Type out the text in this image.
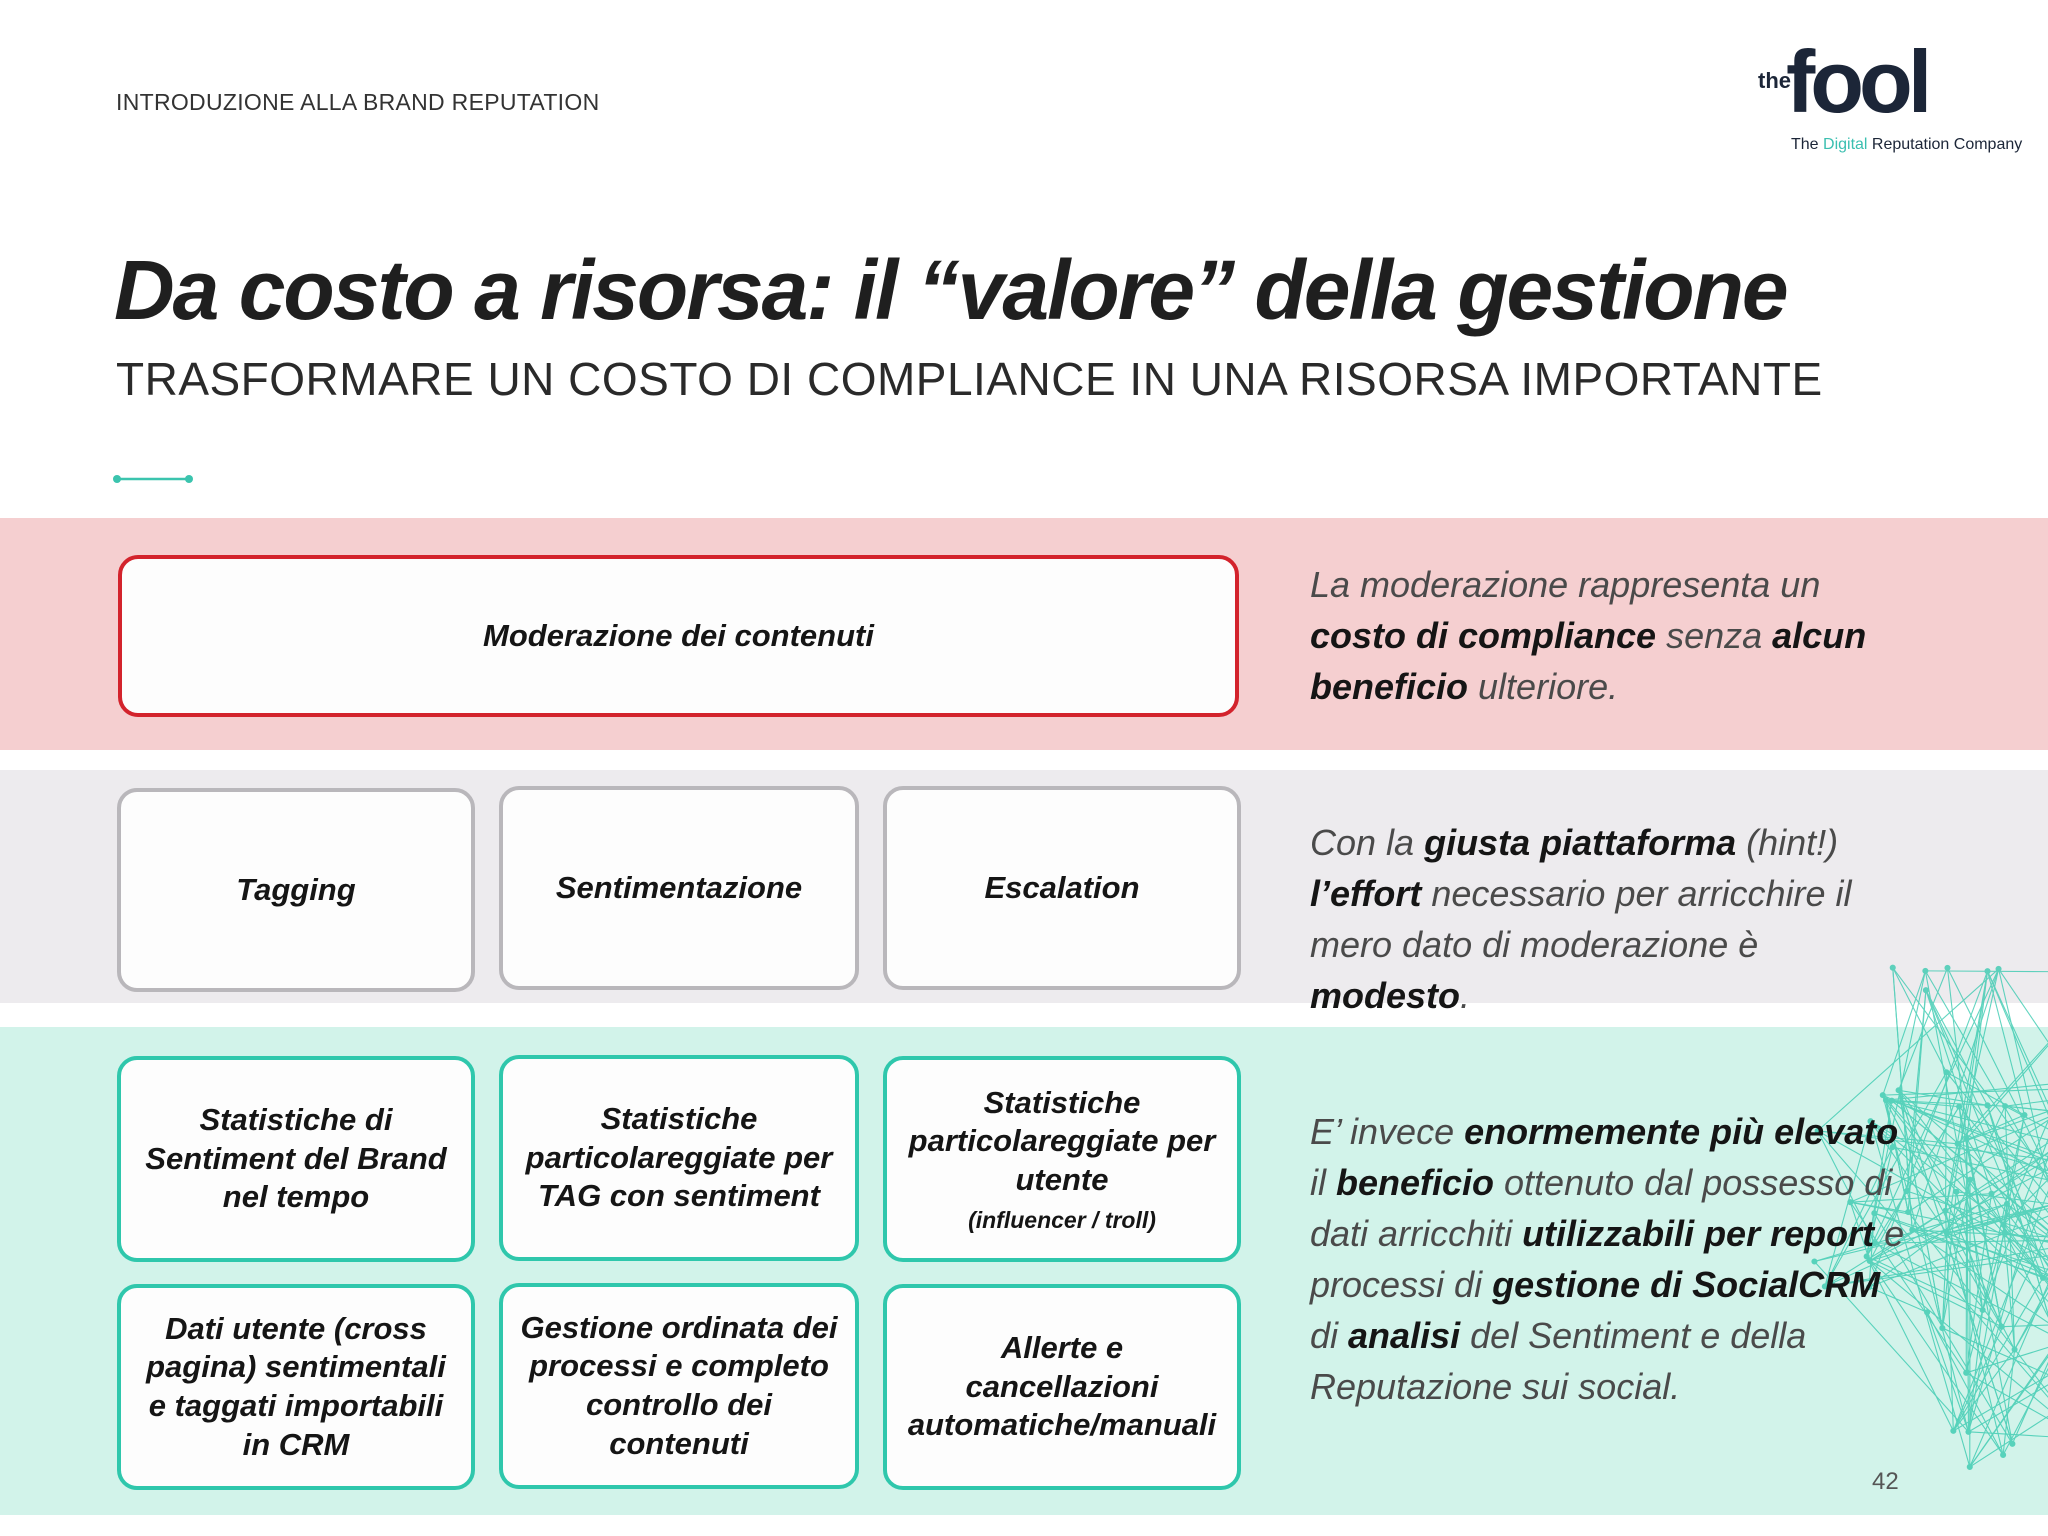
INTRODUZIONE ALLA BRAND REPUTATION
the
fool
The Digital Reputation Company
Da costo a risorsa: il “valore” della gestione
TRASFORMARE UN COSTO DI COMPLIANCE IN UNA RISORSA IMPORTANTE
Moderazione dei contenuti

La moderazione rappresenta un costo di compliance senza alcun beneficio ulteriore.

Tagging	Sentimentazione	Escalation

Con la giusta piattaforma (hint!) l’effort necessario per arricchire il mero dato di moderazione è modesto.

Statistiche di Sentiment del Brand nel tempo
Statistiche particolareggiate per TAG con sentiment
Statistiche particolareggiate per utente
(influencer / troll)
Dati utente (cross pagina) sentimentali e taggati importabili in CRM
Gestione ordinata dei processi e completo controllo dei contenuti
Allerte e cancellazioni automatiche/manuali

E’ invece enormemente più elevato il beneficio ottenuto dal possesso di dati arricchiti utilizzabili per report e processi di gestione di SocialCRM di analisi del Sentiment e della Reputazione sui social.

42
